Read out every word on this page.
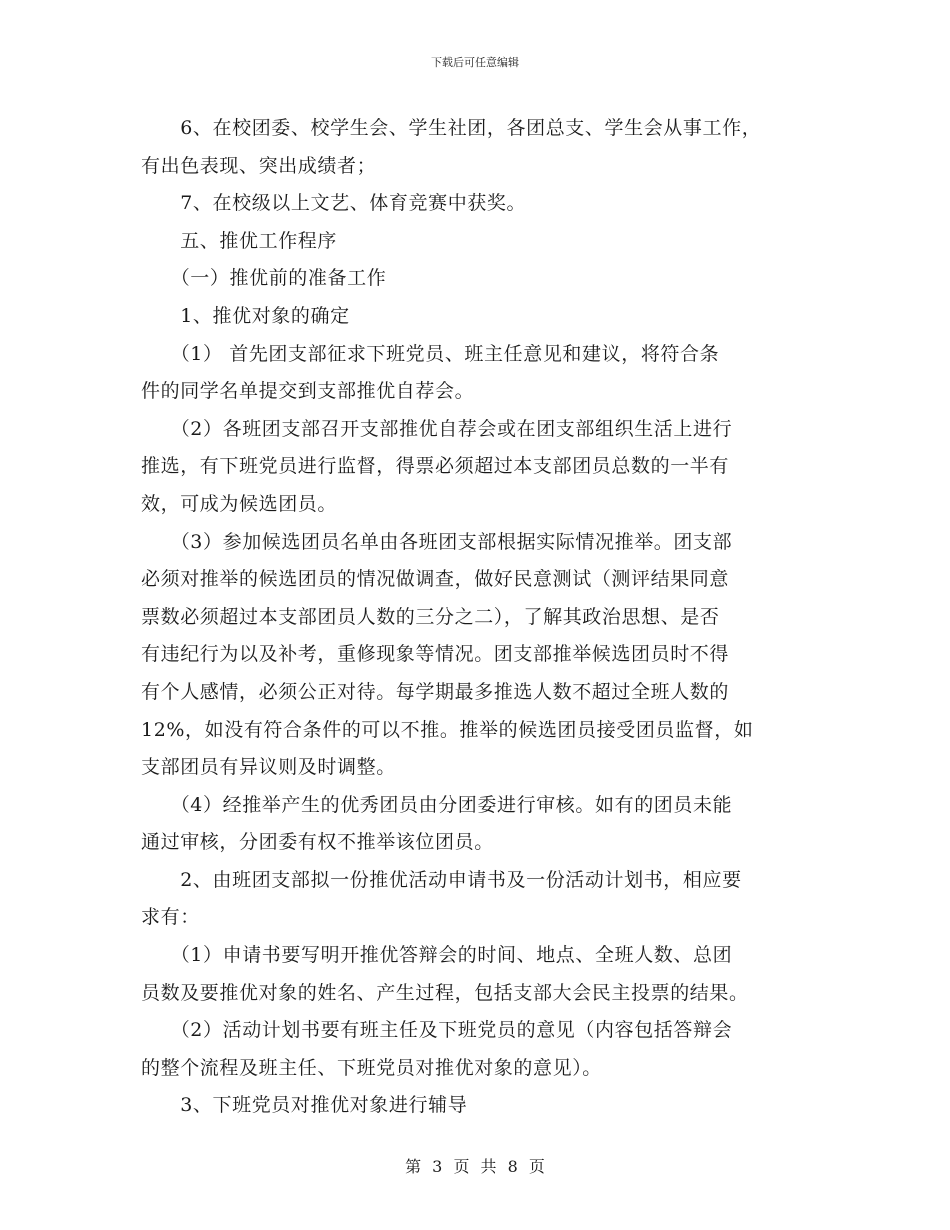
下载后可任意编辑
　　6、在校团委、校学生会、学生社团，各团总支、学生会从事工作，
有出色表现、突出成绩者；
　　7、在校级以上文艺、体育竞赛中获奖。
　　五、推优工作程序
　　（一）推优前的准备工作
　　1、推优对象的确定
　　（1） 首先团支部征求下班党员、班主任意见和建议，将符合条
件的同学名单提交到支部推优自荐会。
　　（2）各班团支部召开支部推优自荐会或在团支部组织生活上进行
推选，有下班党员进行监督，得票必须超过本支部团员总数的一半有
效，可成为候选团员。
　　（3）参加候选团员名单由各班团支部根据实际情况推举。团支部
必须对推举的候选团员的情况做调查，做好民意测试（测评结果同意
票数必须超过本支部团员人数的三分之二），了解其政治思想、是否
有违纪行为以及补考，重修现象等情况。团支部推举候选团员时不得
有个人感情，必须公正对待。每学期最多推选人数不超过全班人数的
12%，如没有符合条件的可以不推。推举的候选团员接受团员监督，如
支部团员有异议则及时调整。
　　（4）经推举产生的优秀团员由分团委进行审核。如有的团员未能
通过审核，分团委有权不推举该位团员。
　　2、由班团支部拟一份推优活动申请书及一份活动计划书，相应要
求有：
　　（1）申请书要写明开推优答辩会的时间、地点、全班人数、总团
员数及要推优对象的姓名、产生过程，包括支部大会民主投票的结果。
　　（2）活动计划书要有班主任及下班党员的意见（内容包括答辩会
的整个流程及班主任、下班党员对推优对象的意见）。
　　3、下班党员对推优对象进行辅导
第 3 页 共 8 页
